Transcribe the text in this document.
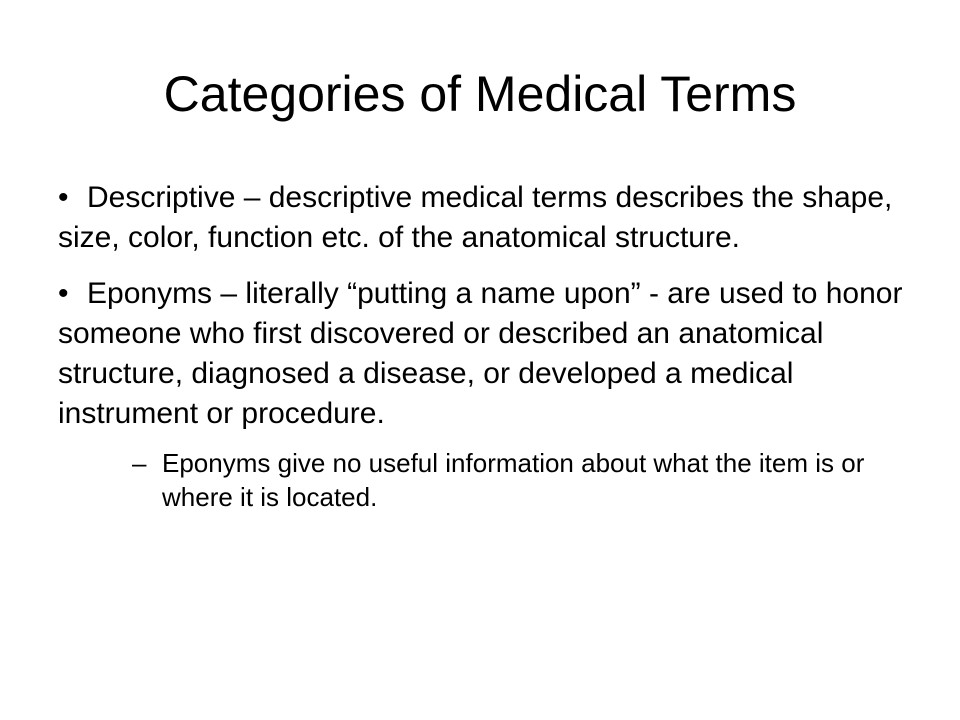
Categories of Medical Terms

• Descriptive – descriptive medical terms describes the shape, size, color, function etc. of the anatomical structure.

• Eponyms – literally “putting a name upon” - are used to honor someone who first discovered or described an anatomical structure, diagnosed a disease, or developed a medical instrument or procedure.

– Eponyms give no useful information about what the item is or where it is located.
